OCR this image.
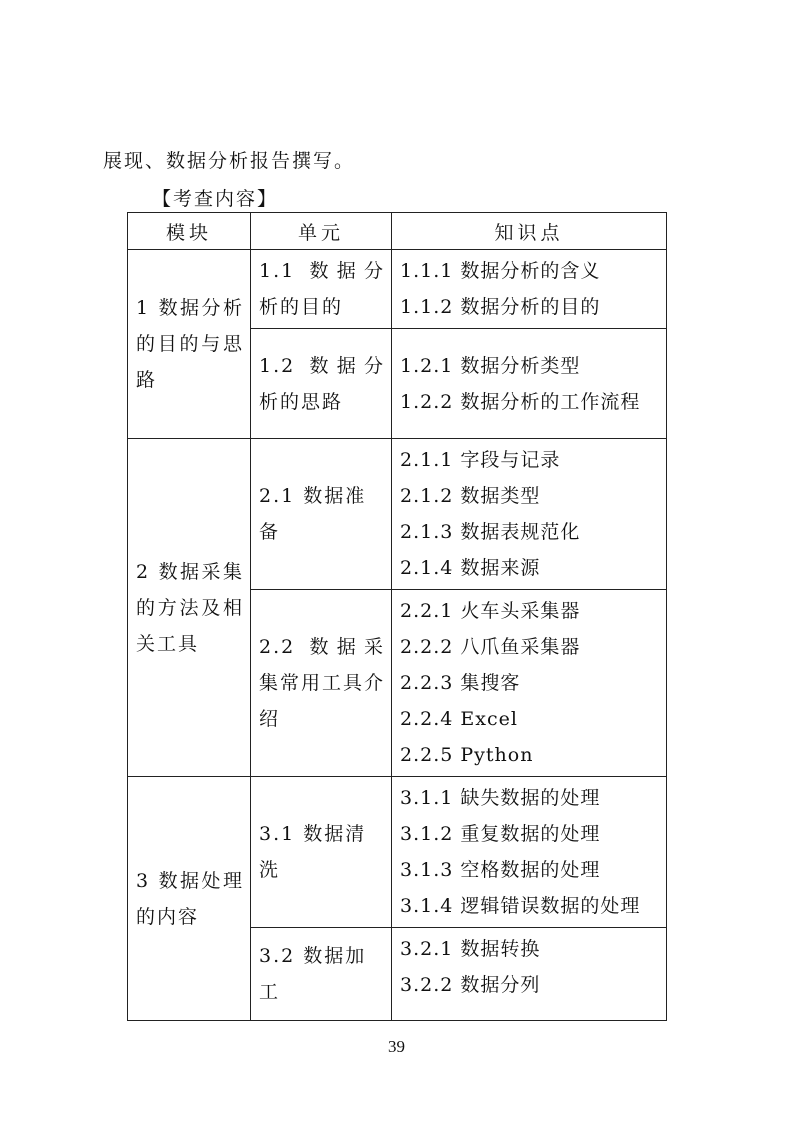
展现、数据分析报告撰写。
【考查内容】
模块	单元	知识点
1 数据分析的目的与思路	1.1 数据分析的目的	1.1.1 数据分析的含义
1.1.2 数据分析的目的

	1.2 数据分析的思路	1.2.1 数据分析类型
1.2.2 数据分析的工作流程

2 数据采集的方法及相关工具	2.1 数据准备	2.1.1 字段与记录
2.1.2 数据类型
2.1.3 数据表规范化
2.1.4 数据来源

	2.2 数据采集常用工具介绍	2.2.1 火车头采集器
2.2.2 八爪鱼采集器
2.2.3 集搜客
2.2.4 Excel
2.2.5 Python

3 数据处理的内容	3.1 数据清洗	3.1.1 缺失数据的处理
3.1.2 重复数据的处理
3.1.3 空格数据的处理
3.1.4 逻辑错误数据的处理

	3.2 数据加工	3.2.1 数据转换
3.2.2 数据分列
39
